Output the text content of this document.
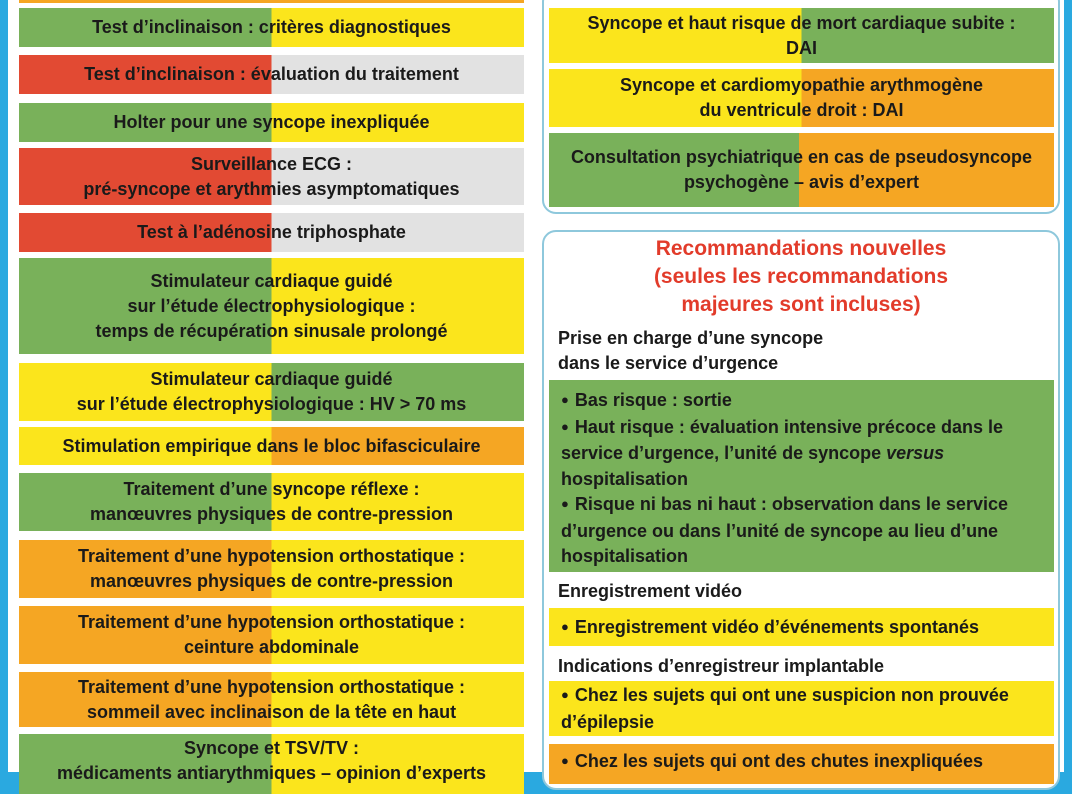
Test d’inclinaison : critères diagnostiques
Test d’inclinaison : évaluation du traitement
Holter pour une syncope inexpliquée
Surveillance ECG :
pré-syncope et arythmies asymptomatiques
Test à l’adénosine triphosphate
Stimulateur cardiaque guidé
sur l’étude électrophysiologique :
temps de récupération sinusale prolongé
Stimulateur cardiaque guidé
sur l’étude électrophysiologique : HV > 70 ms
Stimulation empirique dans le bloc bifasciculaire
Traitement d’une syncope réflexe :
manœuvres physiques de contre-pression
Traitement d’une hypotension orthostatique :
manœuvres physiques de contre-pression
Traitement d’une hypotension orthostatique :
ceinture abdominale
Traitement d’une hypotension orthostatique :
sommeil avec inclinaison de la tête en haut
Syncope et TSV/TV :
médicaments antiarythmiques – opinion d’experts
Syncope et haut risque de mort cardiaque subite :
DAI
Syncope et cardiomyopathie arythmogène
du ventricule droit : DAI
Consultation psychiatrique en cas de pseudosyncope
psychogène – avis d’expert
Recommandations nouvelles
(seules les recommandations
majeures sont incluses)
Prise en charge d’une syncope
dans le service d’urgence
● Bas risque : sortie
● Haut risque : évaluation intensive précoce dans le service d’urgence, l’unité de syncope versus hospitalisation
● Risque ni bas ni haut : observation dans le service d’urgence ou dans l’unité de syncope au lieu d’une hospitalisation
Enregistrement vidéo
● Enregistrement vidéo d’événements spontanés
Indications d’enregistreur implantable
● Chez les sujets qui ont une suspicion non prouvée d’épilepsie
● Chez les sujets qui ont des chutes inexpliquées
